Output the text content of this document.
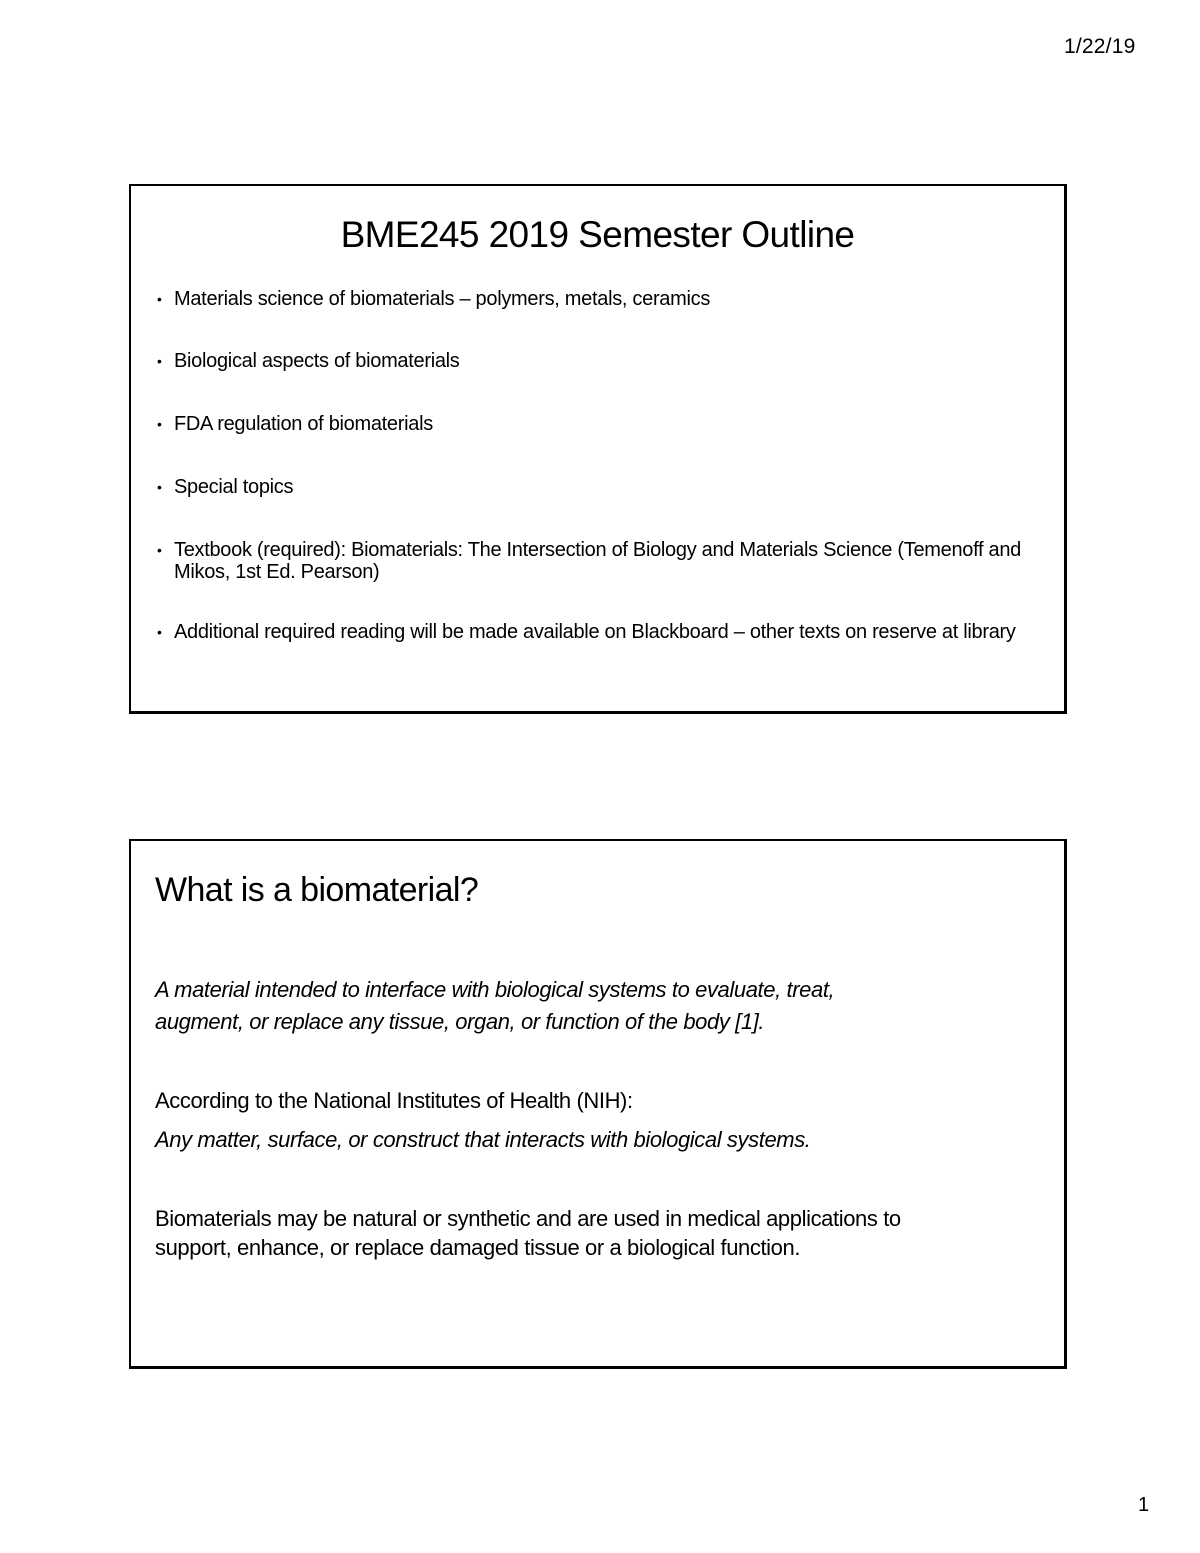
1/22/19
BME245 2019 Semester Outline
• Materials science of biomaterials – polymers, metals, ceramics
• Biological aspects of biomaterials
• FDA regulation of biomaterials
• Special topics
• Textbook (required): Biomaterials: The Intersection of Biology and Materials Science (Temenoff and Mikos, 1st Ed. Pearson)
• Additional required reading will be made available on Blackboard – other texts on reserve at library
What is a biomaterial?
A material intended to interface with biological systems to evaluate, treat,
augment, or replace any tissue, organ, or function of the body [1].
According to the National Institutes of Health (NIH):
Any matter, surface, or construct that interacts with biological systems.
Biomaterials may be natural or synthetic and are used in medical applications to
support, enhance, or replace damaged tissue or a biological function.
1
